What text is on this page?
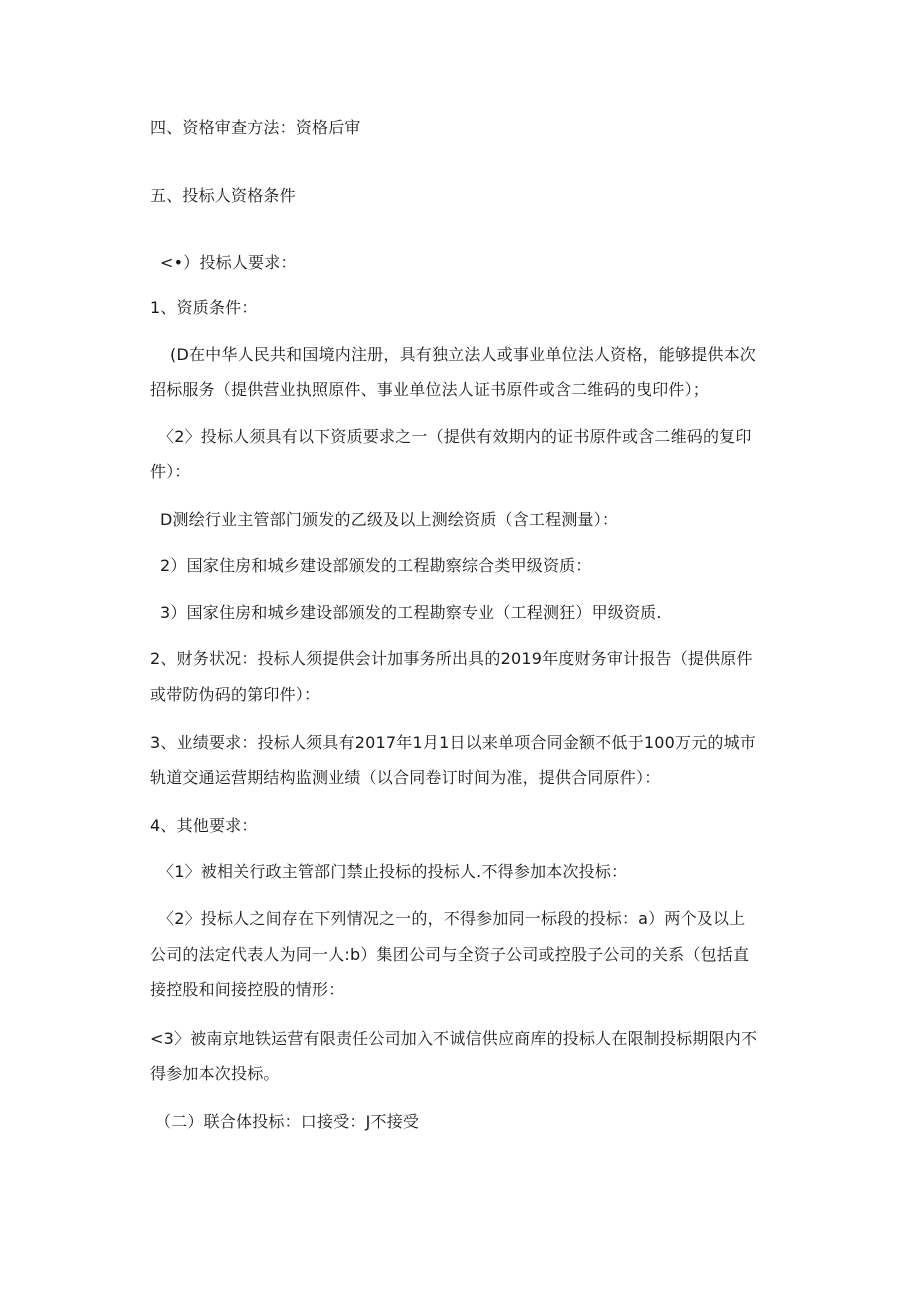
四、资格审查方法：资格后审
五、投标人资格条件
<•）投标人要求：
1、资质条件：
(D在中华人民共和国境内注册，具有独立法人或事业单位法人资格，能够提供本次
招标服务（提供营业执照原件、事业单位法人证书原件或含二维码的曳印件）；
〈2〉投标人须具有以下资质要求之一（提供有效期内的证书原件或含二维码的复印
件）：
D测绘行业主管部门颁发的乙级及以上测绘资质（含工程测量）：
2）国家住房和城乡建设部颁发的工程勘察综合类甲级资质：
3）国家住房和城乡建设部颁发的工程勘察专业（工程测狂）甲级资质.
2、财务状况：投标人须提供会计加事务所出具的2019年度财务审计报告（提供原件
或带防伪码的第印件）：
3、业绩要求：投标人须具有2017年1月1日以来单项合同金额不低于100万元的城市
轨道交通运营期结构监测业绩（以合同卷订时间为准，提供合同原件）：
4、其他要求：
〈1〉被相关行政主管部门禁止投标的投标人.不得参加本次投标：
〈2〉投标人之间存在下列情况之一的，不得参加同一标段的投标：a）两个及以上
公司的法定代表人为同一人:b）集团公司与全资子公司或控股子公司的关系（包括直
接控股和间接控股的情形：
<3〉被南京地铁运营有限责任公司加入不诚信供应商库的投标人在限制投标期限内不
得参加本次投标。
（二）联合体投标：口接受：J不接受
